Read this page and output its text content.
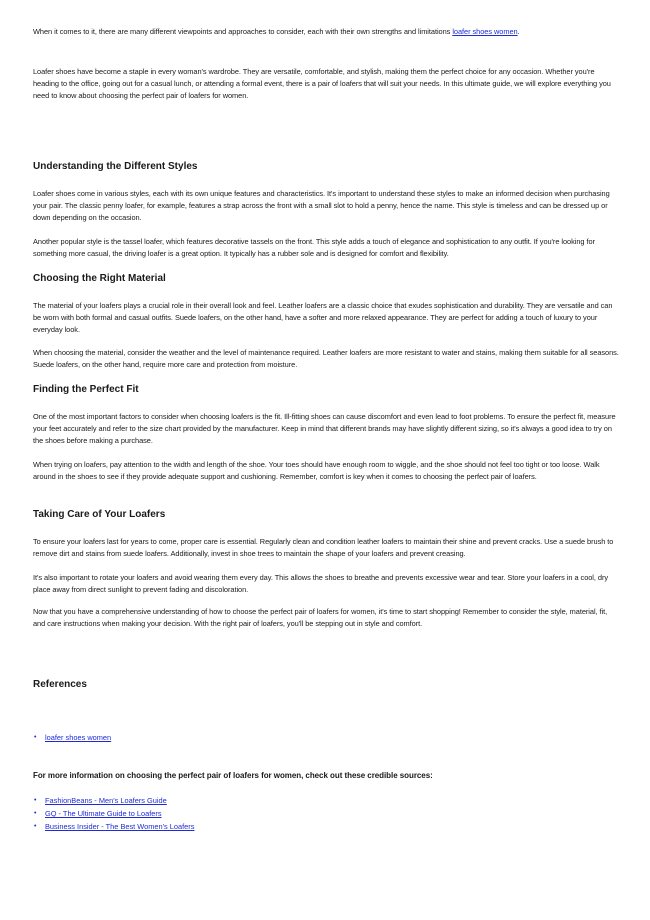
When it comes to it, there are many different viewpoints and approaches to consider, each with their own strengths and limitations loafer shoes women.

Loafer shoes have become a staple in every woman's wardrobe. They are versatile, comfortable, and stylish, making them the perfect choice for any occasion. Whether you're heading to the office, going out for a casual lunch, or attending a formal event, there is a pair of loafers that will suit your needs. In this ultimate guide, we will explore everything you need to know about choosing the perfect pair of loafers for women.

Understanding the Different Styles

Loafer shoes come in various styles, each with its own unique features and characteristics. It's important to understand these styles to make an informed decision when purchasing your pair. The classic penny loafer, for example, features a strap across the front with a small slot to hold a penny, hence the name. This style is timeless and can be dressed up or down depending on the occasion.

Another popular style is the tassel loafer, which features decorative tassels on the front. This style adds a touch of elegance and sophistication to any outfit. If you're looking for something more casual, the driving loafer is a great option. It typically has a rubber sole and is designed for comfort and flexibility.

Choosing the Right Material

The material of your loafers plays a crucial role in their overall look and feel. Leather loafers are a classic choice that exudes sophistication and durability. They are versatile and can be worn with both formal and casual outfits. Suede loafers, on the other hand, have a softer and more relaxed appearance. They are perfect for adding a touch of luxury to your everyday look.

When choosing the material, consider the weather and the level of maintenance required. Leather loafers are more resistant to water and stains, making them suitable for all seasons. Suede loafers, on the other hand, require more care and protection from moisture.

Finding the Perfect Fit

One of the most important factors to consider when choosing loafers is the fit. Ill-fitting shoes can cause discomfort and even lead to foot problems. To ensure the perfect fit, measure your feet accurately and refer to the size chart provided by the manufacturer. Keep in mind that different brands may have slightly different sizing, so it's always a good idea to try on the shoes before making a purchase.

When trying on loafers, pay attention to the width and length of the shoe. Your toes should have enough room to wiggle, and the shoe should not feel too tight or too loose. Walk around in the shoes to see if they provide adequate support and cushioning. Remember, comfort is key when it comes to choosing the perfect pair of loafers.

Taking Care of Your Loafers

To ensure your loafers last for years to come, proper care is essential. Regularly clean and condition leather loafers to maintain their shine and prevent cracks. Use a suede brush to remove dirt and stains from suede loafers. Additionally, invest in shoe trees to maintain the shape of your loafers and prevent creasing.

It's also important to rotate your loafers and avoid wearing them every day. This allows the shoes to breathe and prevents excessive wear and tear. Store your loafers in a cool, dry place away from direct sunlight to prevent fading and discoloration.

Now that you have a comprehensive understanding of how to choose the perfect pair of loafers for women, it's time to start shopping! Remember to consider the style, material, fit, and care instructions when making your decision. With the right pair of loafers, you'll be stepping out in style and comfort.

References
• loafer shoes women

For more information on choosing the perfect pair of loafers for women, check out these credible sources:

• FashionBeans - Men's Loafers Guide
• GQ - The Ultimate Guide to Loafers
• Business Insider - The Best Women's Loafers
